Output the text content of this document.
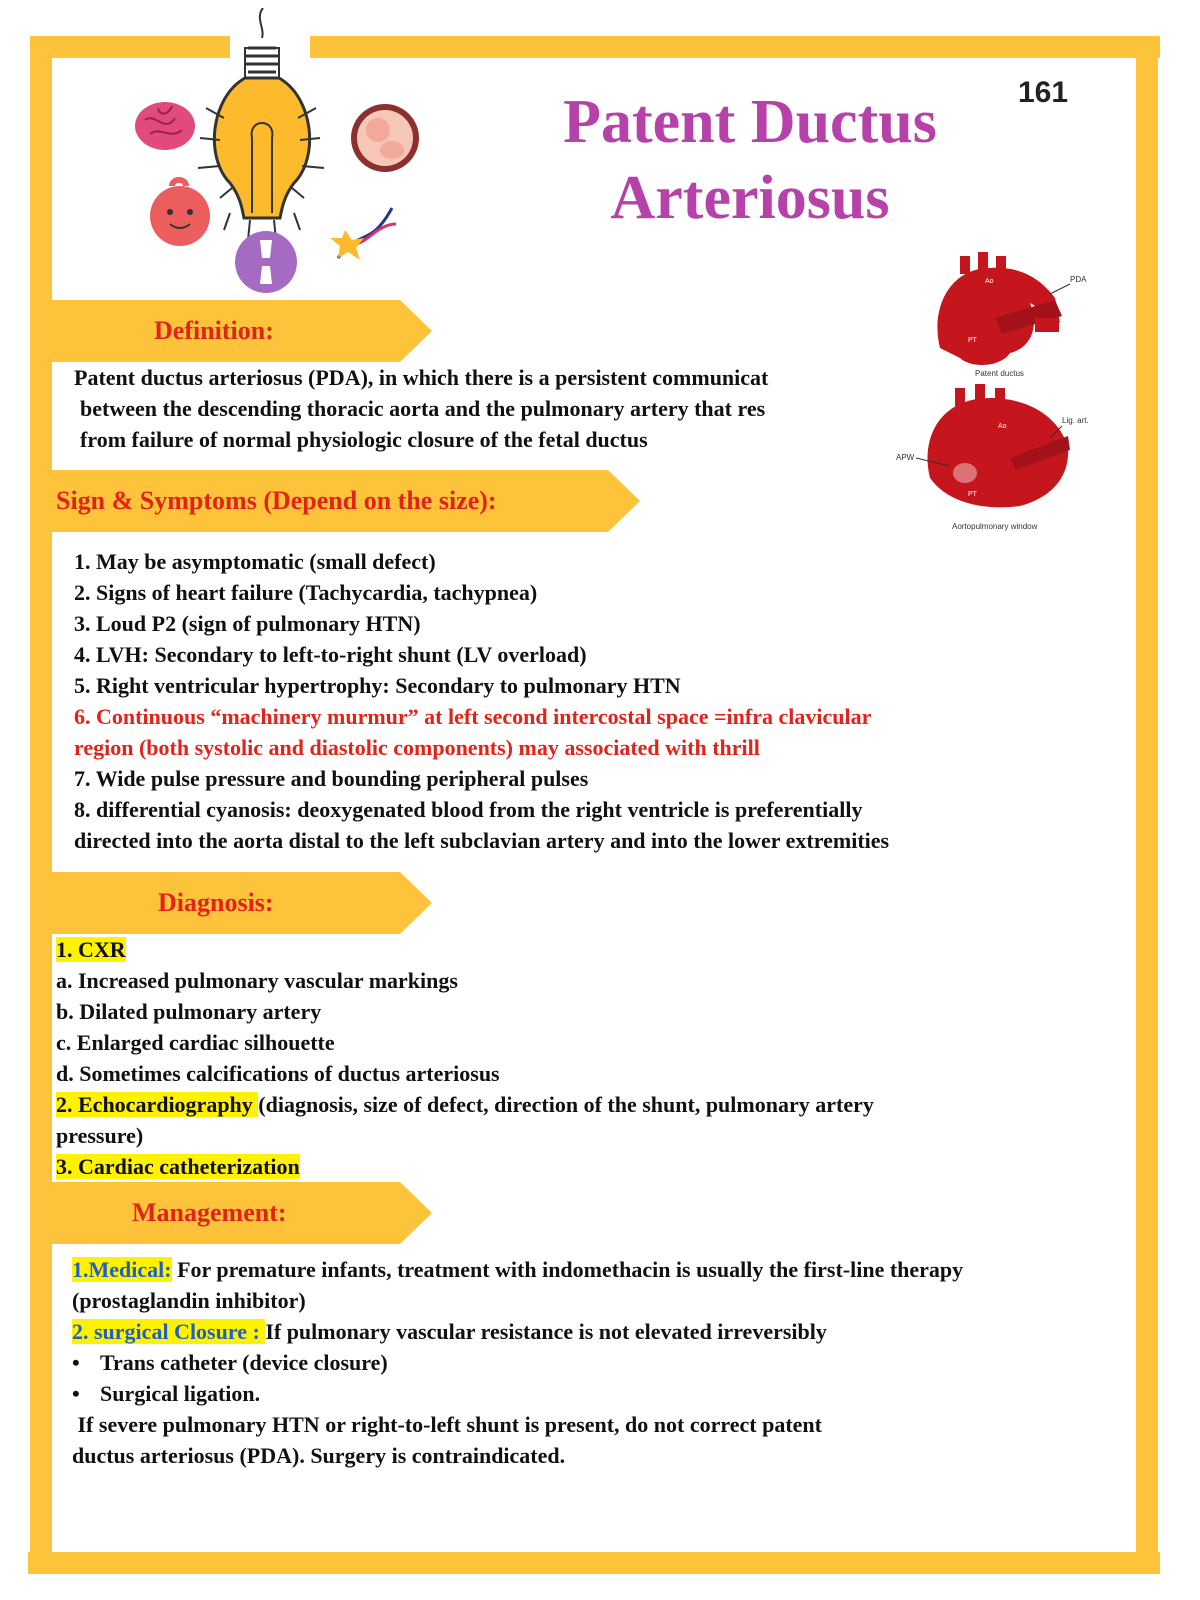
161
Patent Ductus
Arteriosus
Ao	PDA
PT
Patent ductus
Ao
Lig. art.
APW
PT
Aortopulmonary window
Definition:
Patent ductus arteriosus (PDA), in which there is a persistent communicat
between the descending thoracic aorta and the pulmonary artery that res
from failure of normal physiologic closure of the fetal ductus
Sign & Symptoms (Depend on the size):
1. May be asymptomatic (small defect)
2. Signs of heart failure (Tachycardia, tachypnea)
3. Loud P2 (sign of pulmonary HTN)
4. LVH: Secondary to left-to-right shunt (LV overload)
5. Right ventricular hypertrophy: Secondary to pulmonary HTN
6. Continuous “machinery murmur” at left second intercostal space =infra clavicular
region (both systolic and diastolic components) may associated with thrill
7. Wide pulse pressure and bounding peripheral pulses
8. differential cyanosis: deoxygenated blood from the right ventricle is preferentially
directed into the aorta distal to the left subclavian artery and into the lower extremities
Diagnosis:
1. CXR
a. Increased pulmonary vascular markings
b. Dilated pulmonary artery
c. Enlarged cardiac silhouette
d. Sometimes calcifications of ductus arteriosus
2. Echocardiography (diagnosis, size of defect, direction of the shunt, pulmonary artery
pressure)
3. Cardiac catheterization
Management:
1.Medical: For premature infants, treatment with indomethacin is usually the first-line therapy
(prostaglandin inhibitor)
2. surgical Closure : If pulmonary vascular resistance is not elevated irreversibly
• Trans catheter (device closure)
• Surgical ligation.
If severe pulmonary HTN or right-to-left shunt is present, do not correct patent
ductus arteriosus (PDA). Surgery is contraindicated.
